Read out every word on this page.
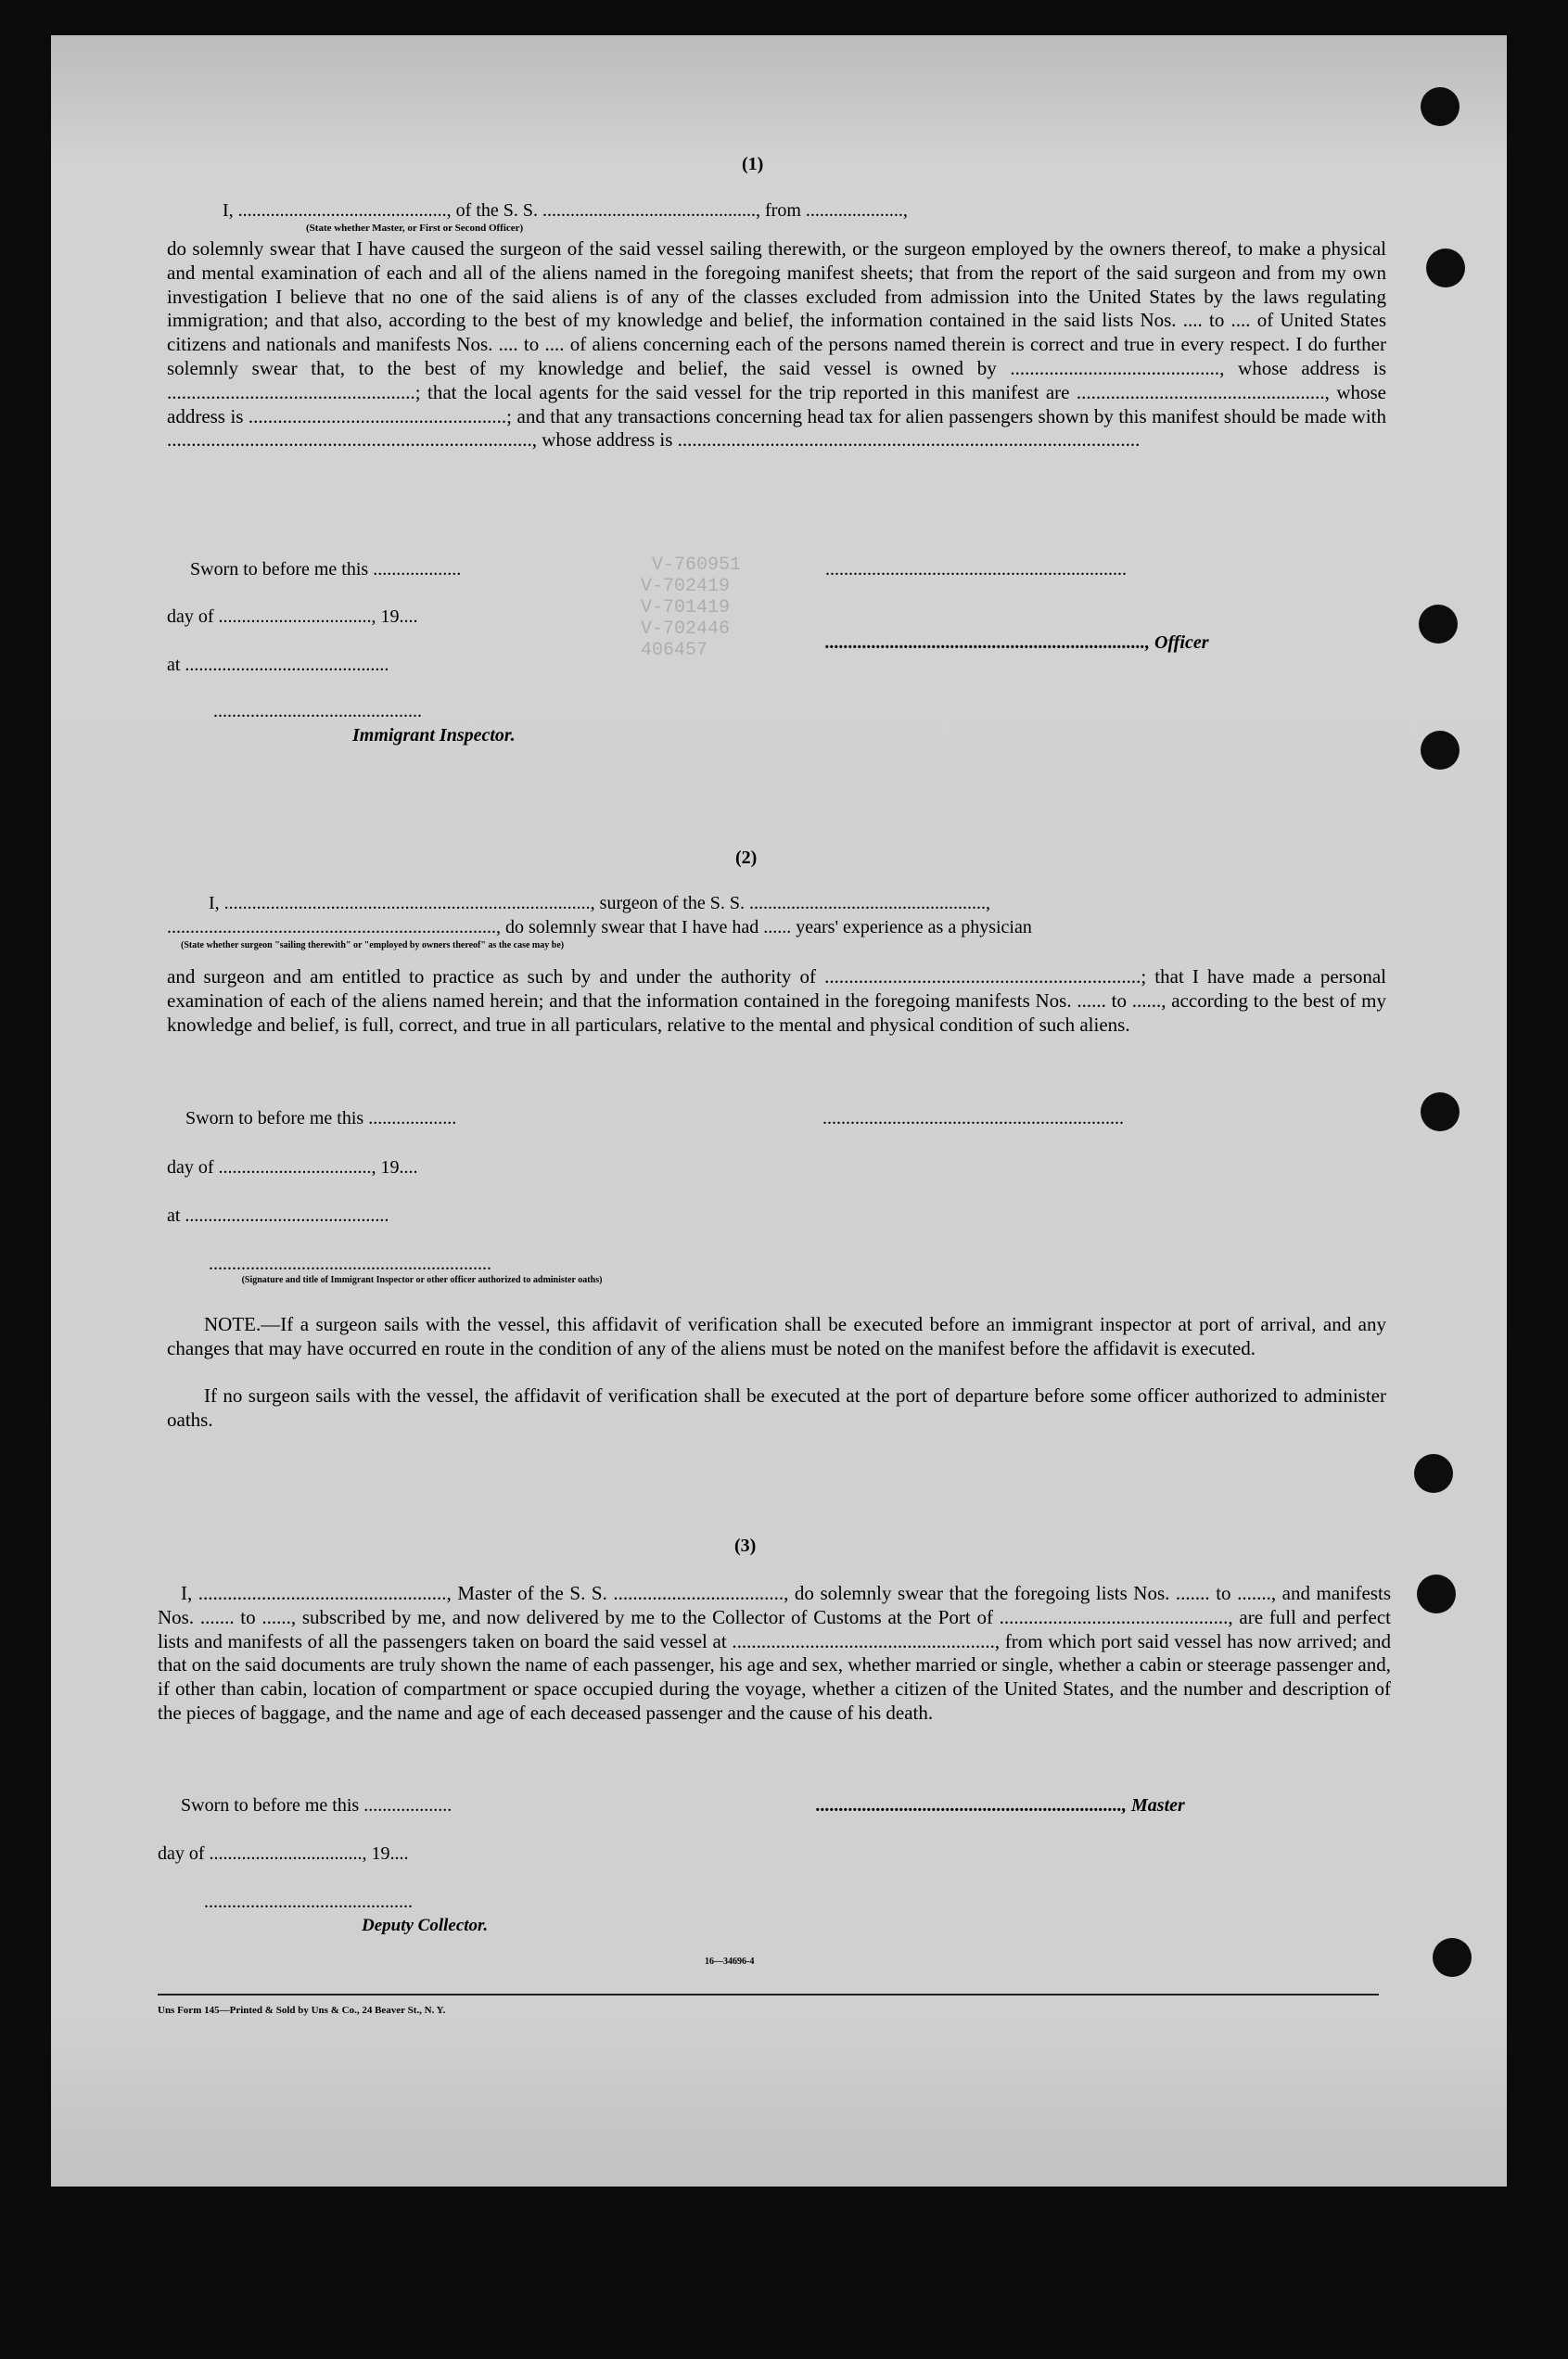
V-760951
V-702419
V-701419
V-702446
406457
(1)
I, ............................................., of the S. S. .............................................., from .....................,
(State whether Master, or First or Second Officer)
do solemnly swear that I have caused the surgeon of the said vessel sailing therewith, or the surgeon employed by the owners thereof, to make a physical and mental examination of each and all of the aliens named in the foregoing manifest sheets; that from the report of the said surgeon and from my own investigation I believe that no one of the said aliens is of any of the classes excluded from admission into the United States by the laws regulating immigration; and that also, according to the best of my knowledge and belief, the information contained in the said lists Nos. .... to .... of United States citizens and nationals and manifests Nos. .... to .... of aliens concerning each of the persons named therein is correct and true in every respect. I do further solemnly swear that, to the best of my knowledge and belief, the said vessel is owned by ..........................................., whose address is ...................................................; that the local agents for the said vessel for the trip reported in this manifest are ..................................................., whose address is .....................................................; and that any transactions concerning head tax for alien passengers shown by this manifest should be made with ..........................................................................., whose address is ...............................................................................................
Sworn to before me this ...................	.................................................................
day of ................................., 19....
....................................................................., Officer
at ............................................
.............................................
Immigrant Inspector.
(2)
I, ..............................................................................., surgeon of the S. S. ...................................................,
......................................................................., do solemnly swear that I have had ...... years' experience as a physician
(State whether surgeon "sailing therewith" or "employed by owners thereof" as the case may be)
and surgeon and am entitled to practice as such by and under the authority of .................................................................; that I have made a personal examination of each of the aliens named herein; and that the information contained in the foregoing manifests Nos. ...... to ......, according to the best of my knowledge and belief, is full, correct, and true in all particulars, relative to the mental and physical condition of such aliens.
Sworn to before me this ...................	.................................................................
day of ................................., 19....
at ............................................
.............................................................
(Signature and title of Immigrant Inspector or other officer authorized to administer oaths)
NOTE.—If a surgeon sails with the vessel, this affidavit of verification shall be executed before an immigrant inspector at port of arrival, and any changes that may have occurred en route in the condition of any of the aliens must be noted on the manifest before the affidavit is executed.
If no surgeon sails with the vessel, the affidavit of verification shall be executed at the port of departure before some officer authorized to administer oaths.
(3)
I, ..................................................., Master of the S. S. ..................................., do solemnly swear that the foregoing lists Nos. ....... to ......., and manifests Nos. ....... to ......, subscribed by me, and now delivered by me to the Collector of Customs at the Port of ..............................................., are full and perfect lists and manifests of all the passengers taken on board the said vessel at ......................................................, from which port said vessel has now arrived; and that on the said documents are truly shown the name of each passenger, his age and sex, whether married or single, whether a cabin or steerage passenger and, if other than cabin, location of compartment or space occupied during the voyage, whether a citizen of the United States, and the number and description of the pieces of baggage, and the name and age of each deceased passenger and the cause of his death.
Sworn to before me this ...................	.................................................................., Master
day of ................................., 19....
.............................................
Deputy Collector.
16—34696-4
Uns Form 145—Printed & Sold by Uns & Co., 24 Beaver St., N. Y.
